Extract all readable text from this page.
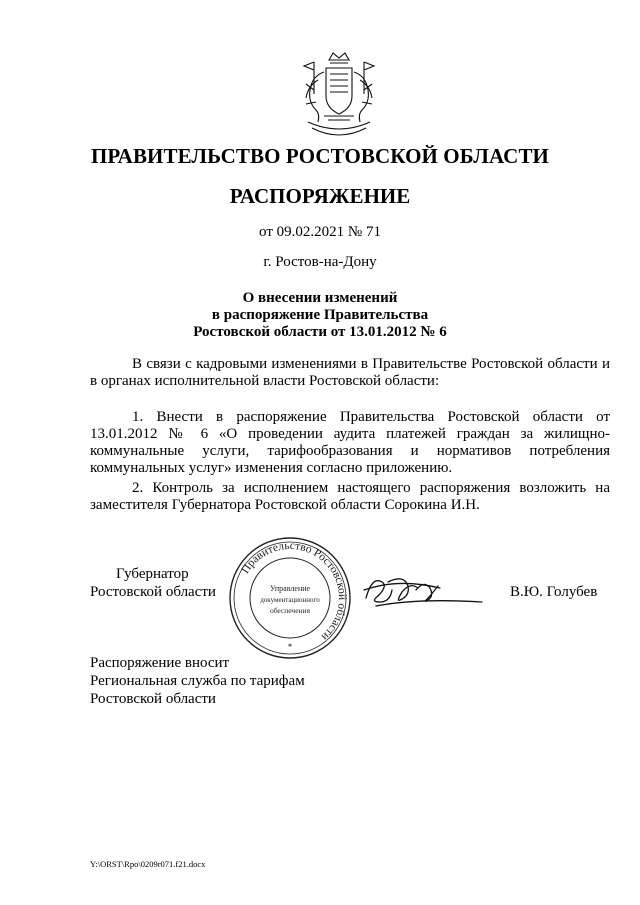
ПРАВИТЕЛЬСТВО РОСТОВСКОЙ ОБЛАСТИ
РАСПОРЯЖЕНИЕ
от 09.02.2021 № 71
г. Ростов-на-Дону
О внесении изменений
в распоряжение Правительства
Ростовской области от 13.01.2012 № 6
В связи с кадровыми изменениями в Правительстве Ростовской области и в органах исполнительной власти Ростовской области:
1. Внести в распоряжение Правительства Ростовской области от 13.01.2012 № 6 «О проведении аудита платежей граждан за жилищно-коммунальные услуги, тарифообразования и нормативов потребления коммунальных услуг» изменения согласно приложению.
2. Контроль за исполнением настоящего распоряжения возложить на заместителя Губернатора Ростовской области Сорокина И.Н.
Губернатор
Ростовской области	В.Ю. Голубев
Правительство Ростовской области
Управление
документационного
обеспечения
*
Распоряжение вносит
Региональная служба по тарифам
Ростовской области
Y:\ORST\Rpo\0209r071.f21.docx
